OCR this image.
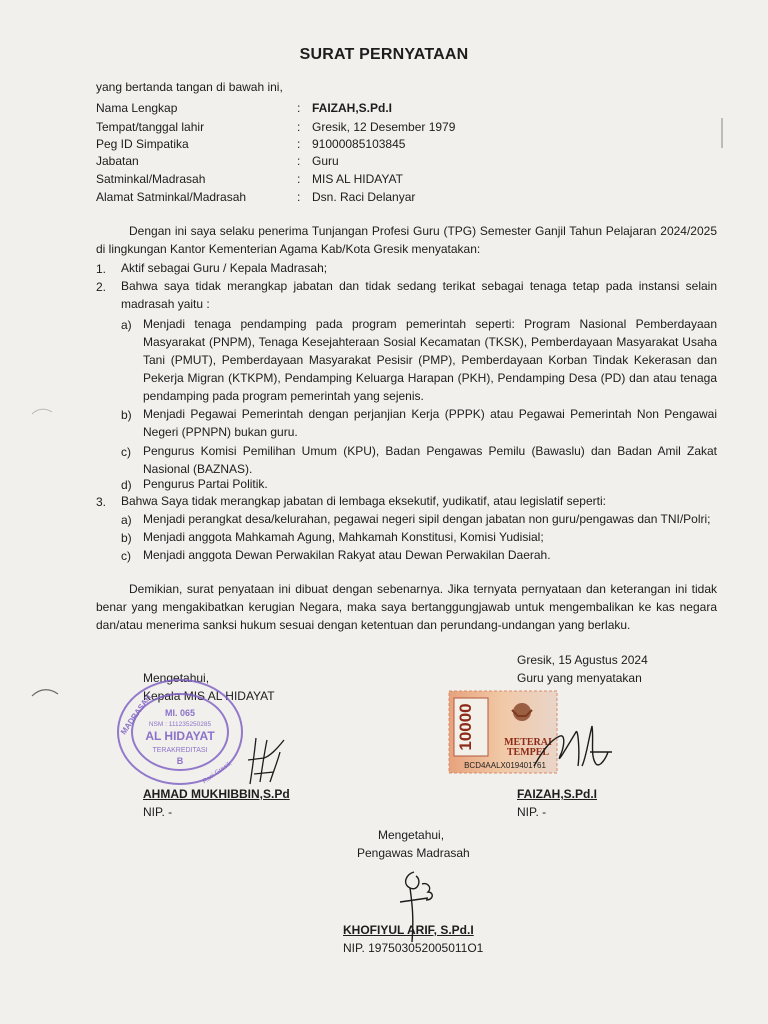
SURAT PERNYATAAN
yang bertanda tangan di bawah ini,
Nama Lengkap	: FAIZAH,S.Pd.I
Tempat/tanggal lahir	: Gresik, 12 Desember 1979
Peg ID Simpatika	: 91000085103845
Jabatan	: Guru
Satminkal/Madrasah	: MIS AL HIDAYAT
Alamat Satminkal/Madrasah	: Dsn. Raci Delanyar
Dengan ini saya selaku penerima Tunjangan Profesi Guru (TPG) Semester Ganjil Tahun Pelajaran 2024/2025 di lingkungan Kantor Kementerian Agama Kab/Kota Gresik menyatakan:
1. Aktif sebagai Guru / Kepala Madrasah;
2. Bahwa saya tidak merangkap jabatan dan tidak sedang terikat sebagai tenaga tetap pada instansi selain madrasah yaitu :
a) Menjadi tenaga pendamping pada program pemerintah seperti: Program Nasional Pemberdayaan Masyarakat (PNPM), Tenaga Kesejahteraan Sosial Kecamatan (TKSK), Pemberdayaan Masyarakat Usaha Tani (PMUT), Pemberdayaan Masyarakat Pesisir (PMP), Pemberdayaan Korban Tindak Kekerasan dan Pekerja Migran (KTKPM), Pendamping Keluarga Harapan (PKH), Pendamping Desa (PD) dan atau tenaga pendamping pada program pemerintah yang sejenis.
b) Menjadi Pegawai Pemerintah dengan perjanjian Kerja (PPPK) atau Pegawai Pemerintah Non Pengawai Negeri (PPNPN) bukan guru.
c) Pengurus Komisi Pemilihan Umum (KPU), Badan Pengawas Pemilu (Bawaslu) dan Badan Amil Zakat Nasional (BAZNAS).
d) Pengurus Partai Politik.
3. Bahwa Saya tidak merangkap jabatan di lembaga eksekutif, yudikatif, atau legislatif seperti:
a) Menjadi perangkat desa/kelurahan, pegawai negeri sipil dengan jabatan non guru/pengawas dan TNI/Polri;
b) Menjadi anggota Mahkamah Agung, Mahkamah Konstitusi, Komisi Yudisial;
c) Menjadi anggota Dewan Perwakilan Rakyat atau Dewan Perwakilan Daerah.
Demikian, surat penyataan ini dibuat dengan sebenarnya. Jika ternyata pernyataan dan keterangan ini tidak benar yang mengakibatkan kerugian Negara, maka saya bertanggungjawab untuk mengembalikan ke kas negara dan/atau menerima sanksi hukum sesuai dengan ketentuan dan perundang-undangan yang berlaku.
Gresik, 15 Agustus 2024
Guru yang menyatakan
10000	METERAI
TEMPEL
BCD4AALX019401761
FAIZAH,S.Pd.I
NIP. -
Mengetahui,
Kepala MIS AL HIDAYAT
MADRASAH MI. 065
NSM : 111235250285
AL HIDAYAT
TERAKREDITASI
B	Raci Gresik
AHMAD MUKHIBBIN,S.Pd
NIP. -
Mengetahui,
Pengawas Madrasah
KHOFIYUL ARIF, S.Pd.I
NIP. 197503052005011O1
